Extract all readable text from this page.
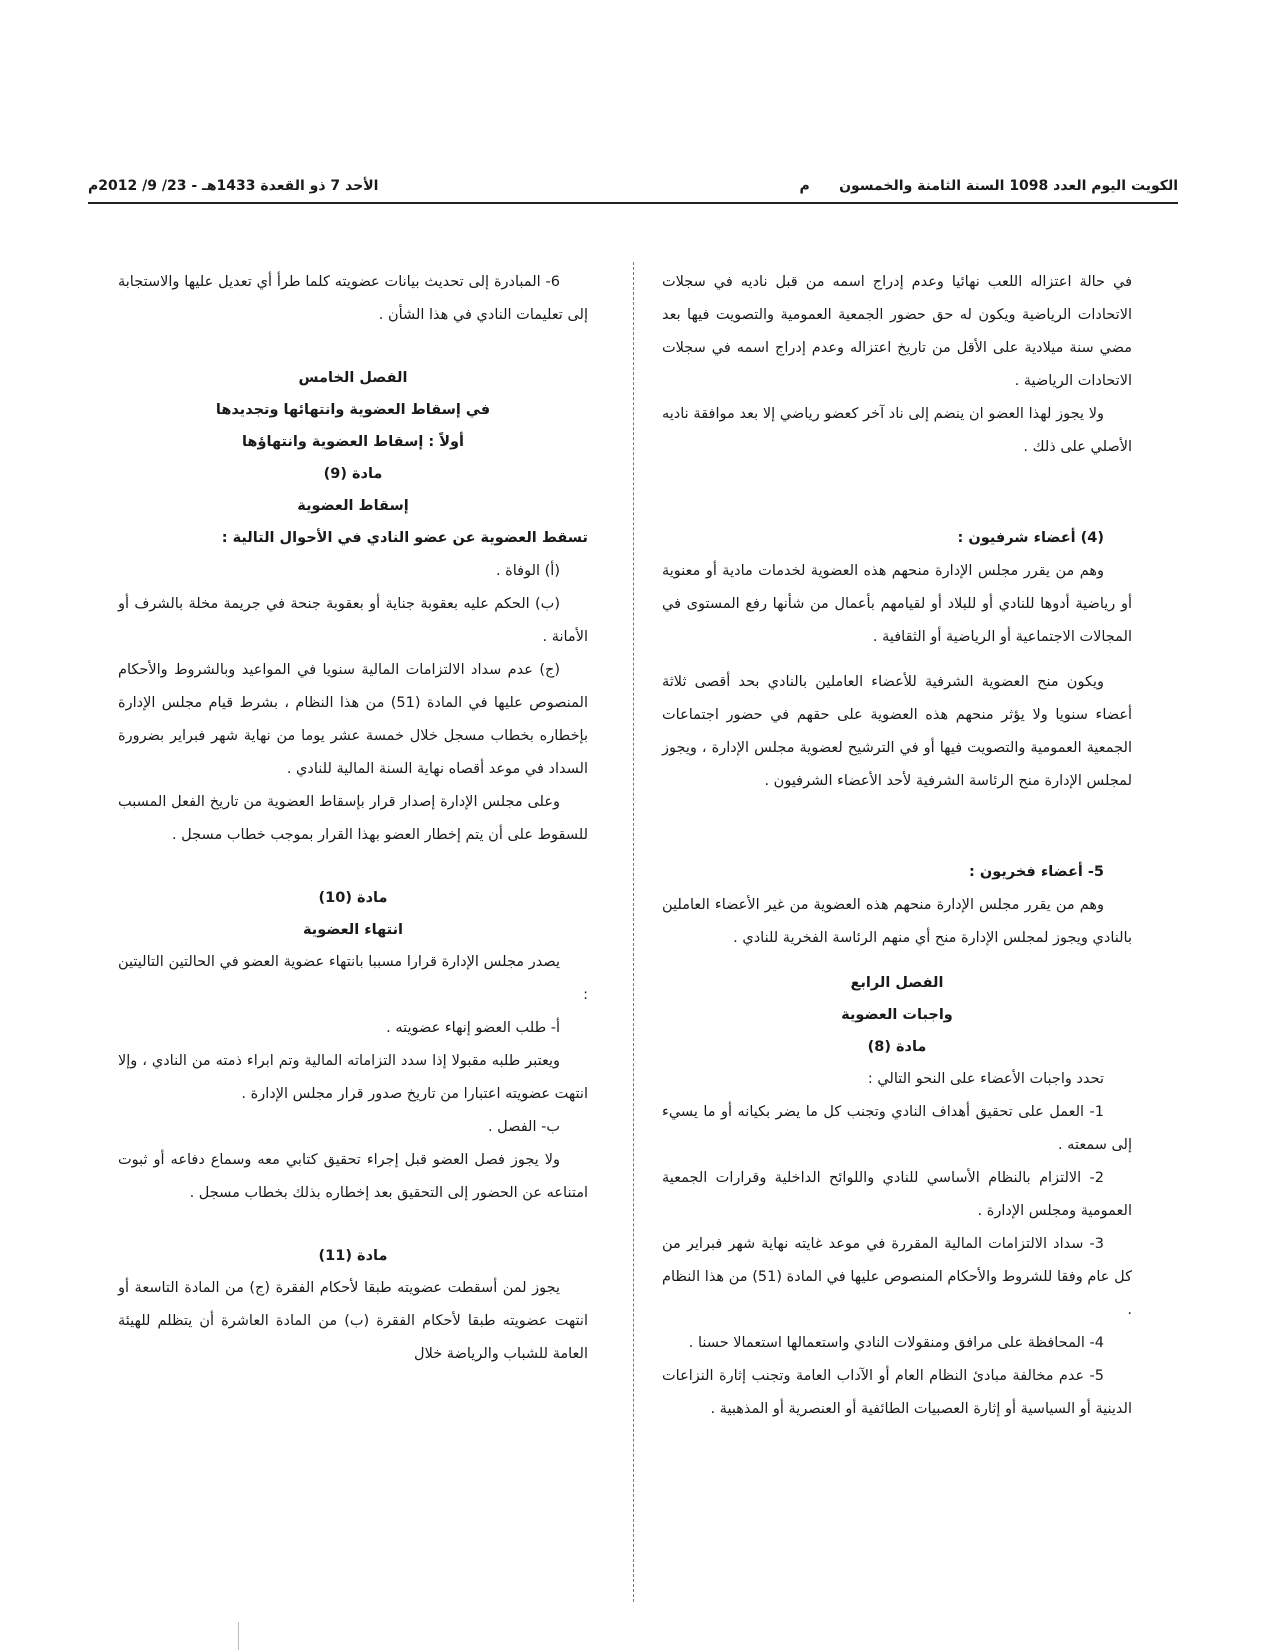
الكويت اليوم العدد 1098 السنة الثامنة والخمسون      م
الأحد 7 ذو القعدة 1433هـ - 23/ 9/ 2012م

في حالة اعتزاله اللعب نهائيا وعدم إدراج اسمه من قبل ناديه في سجلات الاتحادات الرياضية ويكون له حق حضور الجمعية العمومية والتصويت فيها بعد مضي سنة ميلادية على الأقل من تاريخ اعتزاله وعدم إدراج اسمه في سجلات الاتحادات الرياضية .

ولا يجوز لهذا العضو ان ينضم إلى ناد آخر كعضو رياضي إلا بعد موافقة ناديه الأصلي على ذلك .

(4) أعضاء شرفيون :

وهم من يقرر مجلس الإدارة منحهم هذه العضوية لخدمات مادية أو معنوية أو رياضية أدوها للنادي أو للبلاد أو لقيامهم بأعمال من شأنها رفع المستوى في المجالات الاجتماعية أو الرياضية أو الثقافية .

ويكون منح العضوية الشرفية للأعضاء العاملين بالنادي بحد أقصى ثلاثة أعضاء سنويا ولا يؤثر منحهم هذه العضوية على حقهم في حضور اجتماعات الجمعية العمومية والتصويت فيها أو في الترشيح لعضوية مجلس الإدارة ، ويجوز لمجلس الإدارة منح الرئاسة الشرفية لأحد الأعضاء الشرفيون .

5- أعضاء فخريون :

وهم من يقرر مجلس الإدارة منحهم هذه العضوية من غير الأعضاء العاملين بالنادي ويجوز لمجلس الإدارة منح أي منهم الرئاسة الفخرية للنادي .

الفصل الرابع

واجبات العضوية

مادة (8)

تحدد واجبات الأعضاء على النحو التالي :

1- العمل على تحقيق أهداف النادي وتجنب كل ما يضر بكيانه أو ما يسيء إلى سمعته .

2- الالتزام بالنظام الأساسي للنادي واللوائح الداخلية وقرارات الجمعية العمومية ومجلس الإدارة .

3- سداد الالتزامات المالية المقررة في موعد غايته نهاية شهر فبراير من كل عام وفقا للشروط والأحكام المنصوص عليها في المادة (51) من هذا النظام .

4- المحافظة على مرافق ومنقولات النادي واستعمالها استعمالا حسنا .

5- عدم مخالفة مبادئ النظام العام أو الآداب العامة وتجنب إثارة النزاعات الدينية أو السياسية أو إثارة العصبيات الطائفية أو العنصرية أو المذهبية .

6- المبادرة إلى تحديث بيانات عضويته كلما طرأ أي تعديل عليها والاستجابة إلى تعليمات النادي في هذا الشأن .

الفصل الخامس

في إسقاط العضوية وانتهائها وتجديدها

أولاً : إسقاط العضوية وانتهاؤها

مادة (9)

إسقاط العضوية

تسقط العضوية عن عضو النادي في الأحوال التالية :

(أ) الوفاة .

(ب) الحكم عليه بعقوبة جناية أو بعقوبة جنحة في جريمة مخلة بالشرف أو الأمانة .

(ج) عدم سداد الالتزامات المالية سنويا في المواعيد وبالشروط والأحكام المنصوص عليها في المادة (51) من هذا النظام ، بشرط قيام مجلس الإدارة بإخطاره بخطاب مسجل خلال خمسة عشر يوما من نهاية شهر فبراير بضرورة السداد في موعد أقصاه نهاية السنة المالية للنادي .

وعلى مجلس الإدارة إصدار قرار بإسقاط العضوية من تاريخ الفعل المسبب للسقوط على أن يتم إخطار العضو بهذا القرار بموجب خطاب مسجل .

مادة (10)

انتهاء العضوية

يصدر مجلس الإدارة قرارا مسببا بانتهاء عضوية العضو في الحالتين التاليتين :

أ- طلب العضو إنهاء عضويته .

ويعتبر طلبه مقبولا إذا سدد التزاماته المالية وتم ابراء ذمته من النادي ، وإلا انتهت عضويته اعتبارا من تاريخ صدور قرار مجلس الإدارة .

ب- الفصل .

ولا يجوز فصل العضو قبل إجراء تحقيق كتابي معه وسماع دفاعه أو ثبوت امتناعه عن الحضور إلى التحقيق بعد إخطاره بذلك بخطاب مسجل .

مادة (11)

يجوز لمن أسقطت عضويته طبقا لأحكام الفقرة (ج) من المادة التاسعة أو انتهت عضويته طبقا لأحكام الفقرة (ب) من المادة العاشرة أن يتظلم للهيئة العامة للشباب والرياضة خلال
